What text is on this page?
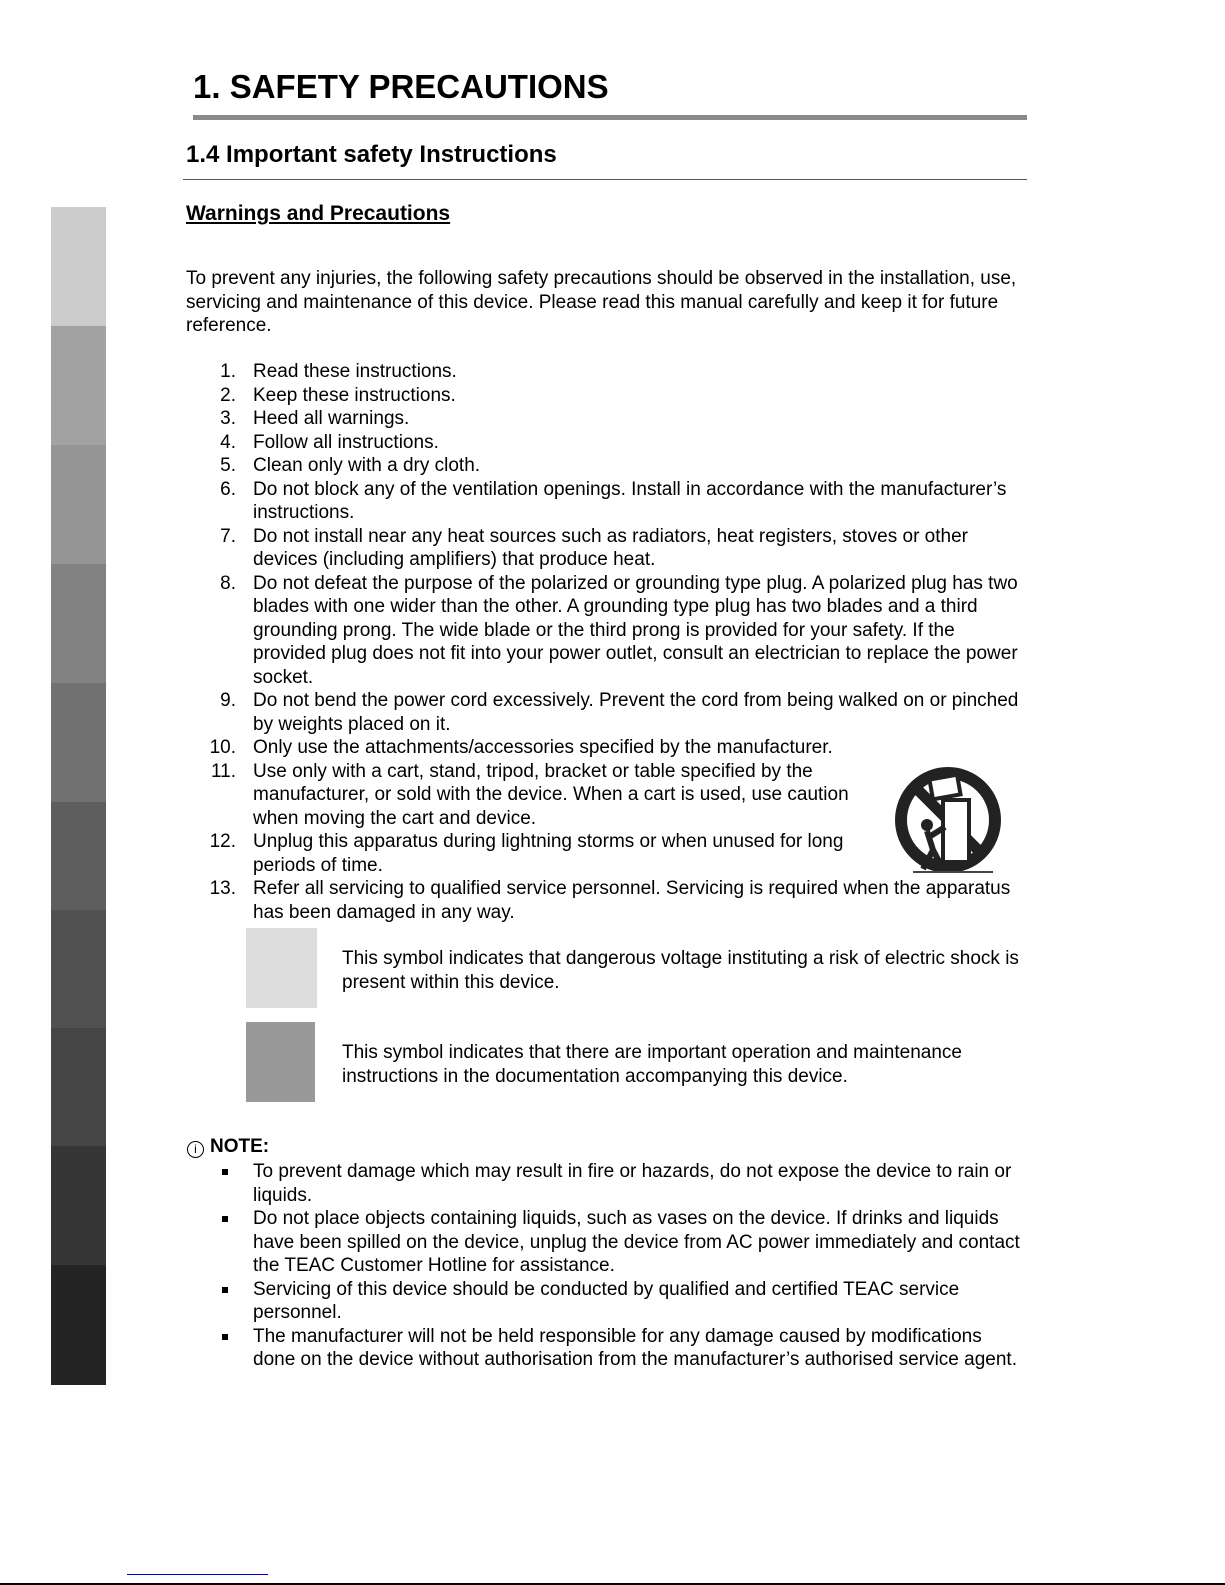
1. SAFETY PRECAUTIONS
1.4 Important safety Instructions
Warnings and Precautions
To prevent any injuries, the following safety precautions should be observed in the installation, use, servicing and maintenance of this device. Please read this manual carefully and keep it for future reference.
1. Read these instructions.
2. Keep these instructions.
3. Heed all warnings.
4. Follow all instructions.
5. Clean only with a dry cloth.
6. Do not block any of the ventilation openings. Install in accordance with the manufacturer’s instructions.
7. Do not install near any heat sources such as radiators, heat registers, stoves or other devices (including amplifiers) that produce heat.
8. Do not defeat the purpose of the polarized or grounding type plug. A polarized plug has two blades with one wider than the other. A grounding type plug has two blades and a third grounding prong. The wide blade or the third prong is provided for your safety. If the provided plug does not fit into your power outlet, consult an electrician to replace the power socket.
9. Do not bend the power cord excessively. Prevent the cord from being walked on or pinched by weights placed on it.
10. Only use the attachments/accessories specified by the manufacturer.
11. Use only with a cart, stand, tripod, bracket or table specified by the manufacturer, or sold with the device. When a cart is used, use caution when moving the cart and device.
12. Unplug this apparatus during lightning storms or when unused for long periods of time.
13. Refer all servicing to qualified service personnel. Servicing is required when the apparatus has been damaged in any way.
This symbol indicates that dangerous voltage instituting a risk of electric shock is present within this device.
This symbol indicates that there are important operation and maintenance instructions in the documentation accompanying this device.
i NOTE:
To prevent damage which may result in fire or hazards, do not expose the device to rain or liquids.
Do not place objects containing liquids, such as vases on the device. If drinks and liquids have been spilled on the device, unplug the device from AC power immediately and contact the TEAC Customer Hotline for assistance.
Servicing of this device should be conducted by qualified and certified TEAC service personnel.
The manufacturer will not be held responsible for any damage caused by modifications done on the device without authorisation from the manufacturer’s authorised service agent.
